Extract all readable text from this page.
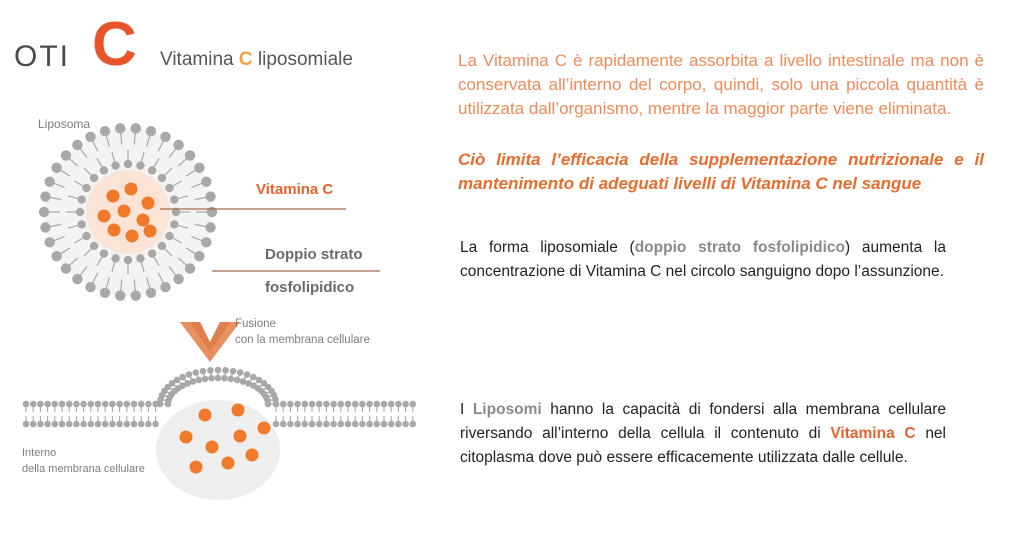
OTI C Vitamina C liposomiale
Liposoma
Vitamina C
Doppio strato
fosfolipidico
Fusione
con la membrana cellulare
Interno
della membrana cellulare
La Vitamina C è rapidamente assorbita a livello intestinale ma non è conservata all’interno del corpo, quindi, solo una piccola quantità è utilizzata dall’organismo, mentre la maggior parte viene eliminata.
Ciò limita l’efficacia della supplementazione nutrizionale e il mantenimento di adeguati livelli di Vitamina C nel sangue
La forma liposomiale (doppio strato fosfolipidico) aumenta la concentrazione di Vitamina C nel circolo sanguigno dopo l’assunzione.
I Liposomi hanno la capacità di fondersi alla membrana cellulare riversando all’interno della cellula il contenuto di Vitamina C nel citoplasma dove può essere efficacemente utilizzata dalle cellule.
